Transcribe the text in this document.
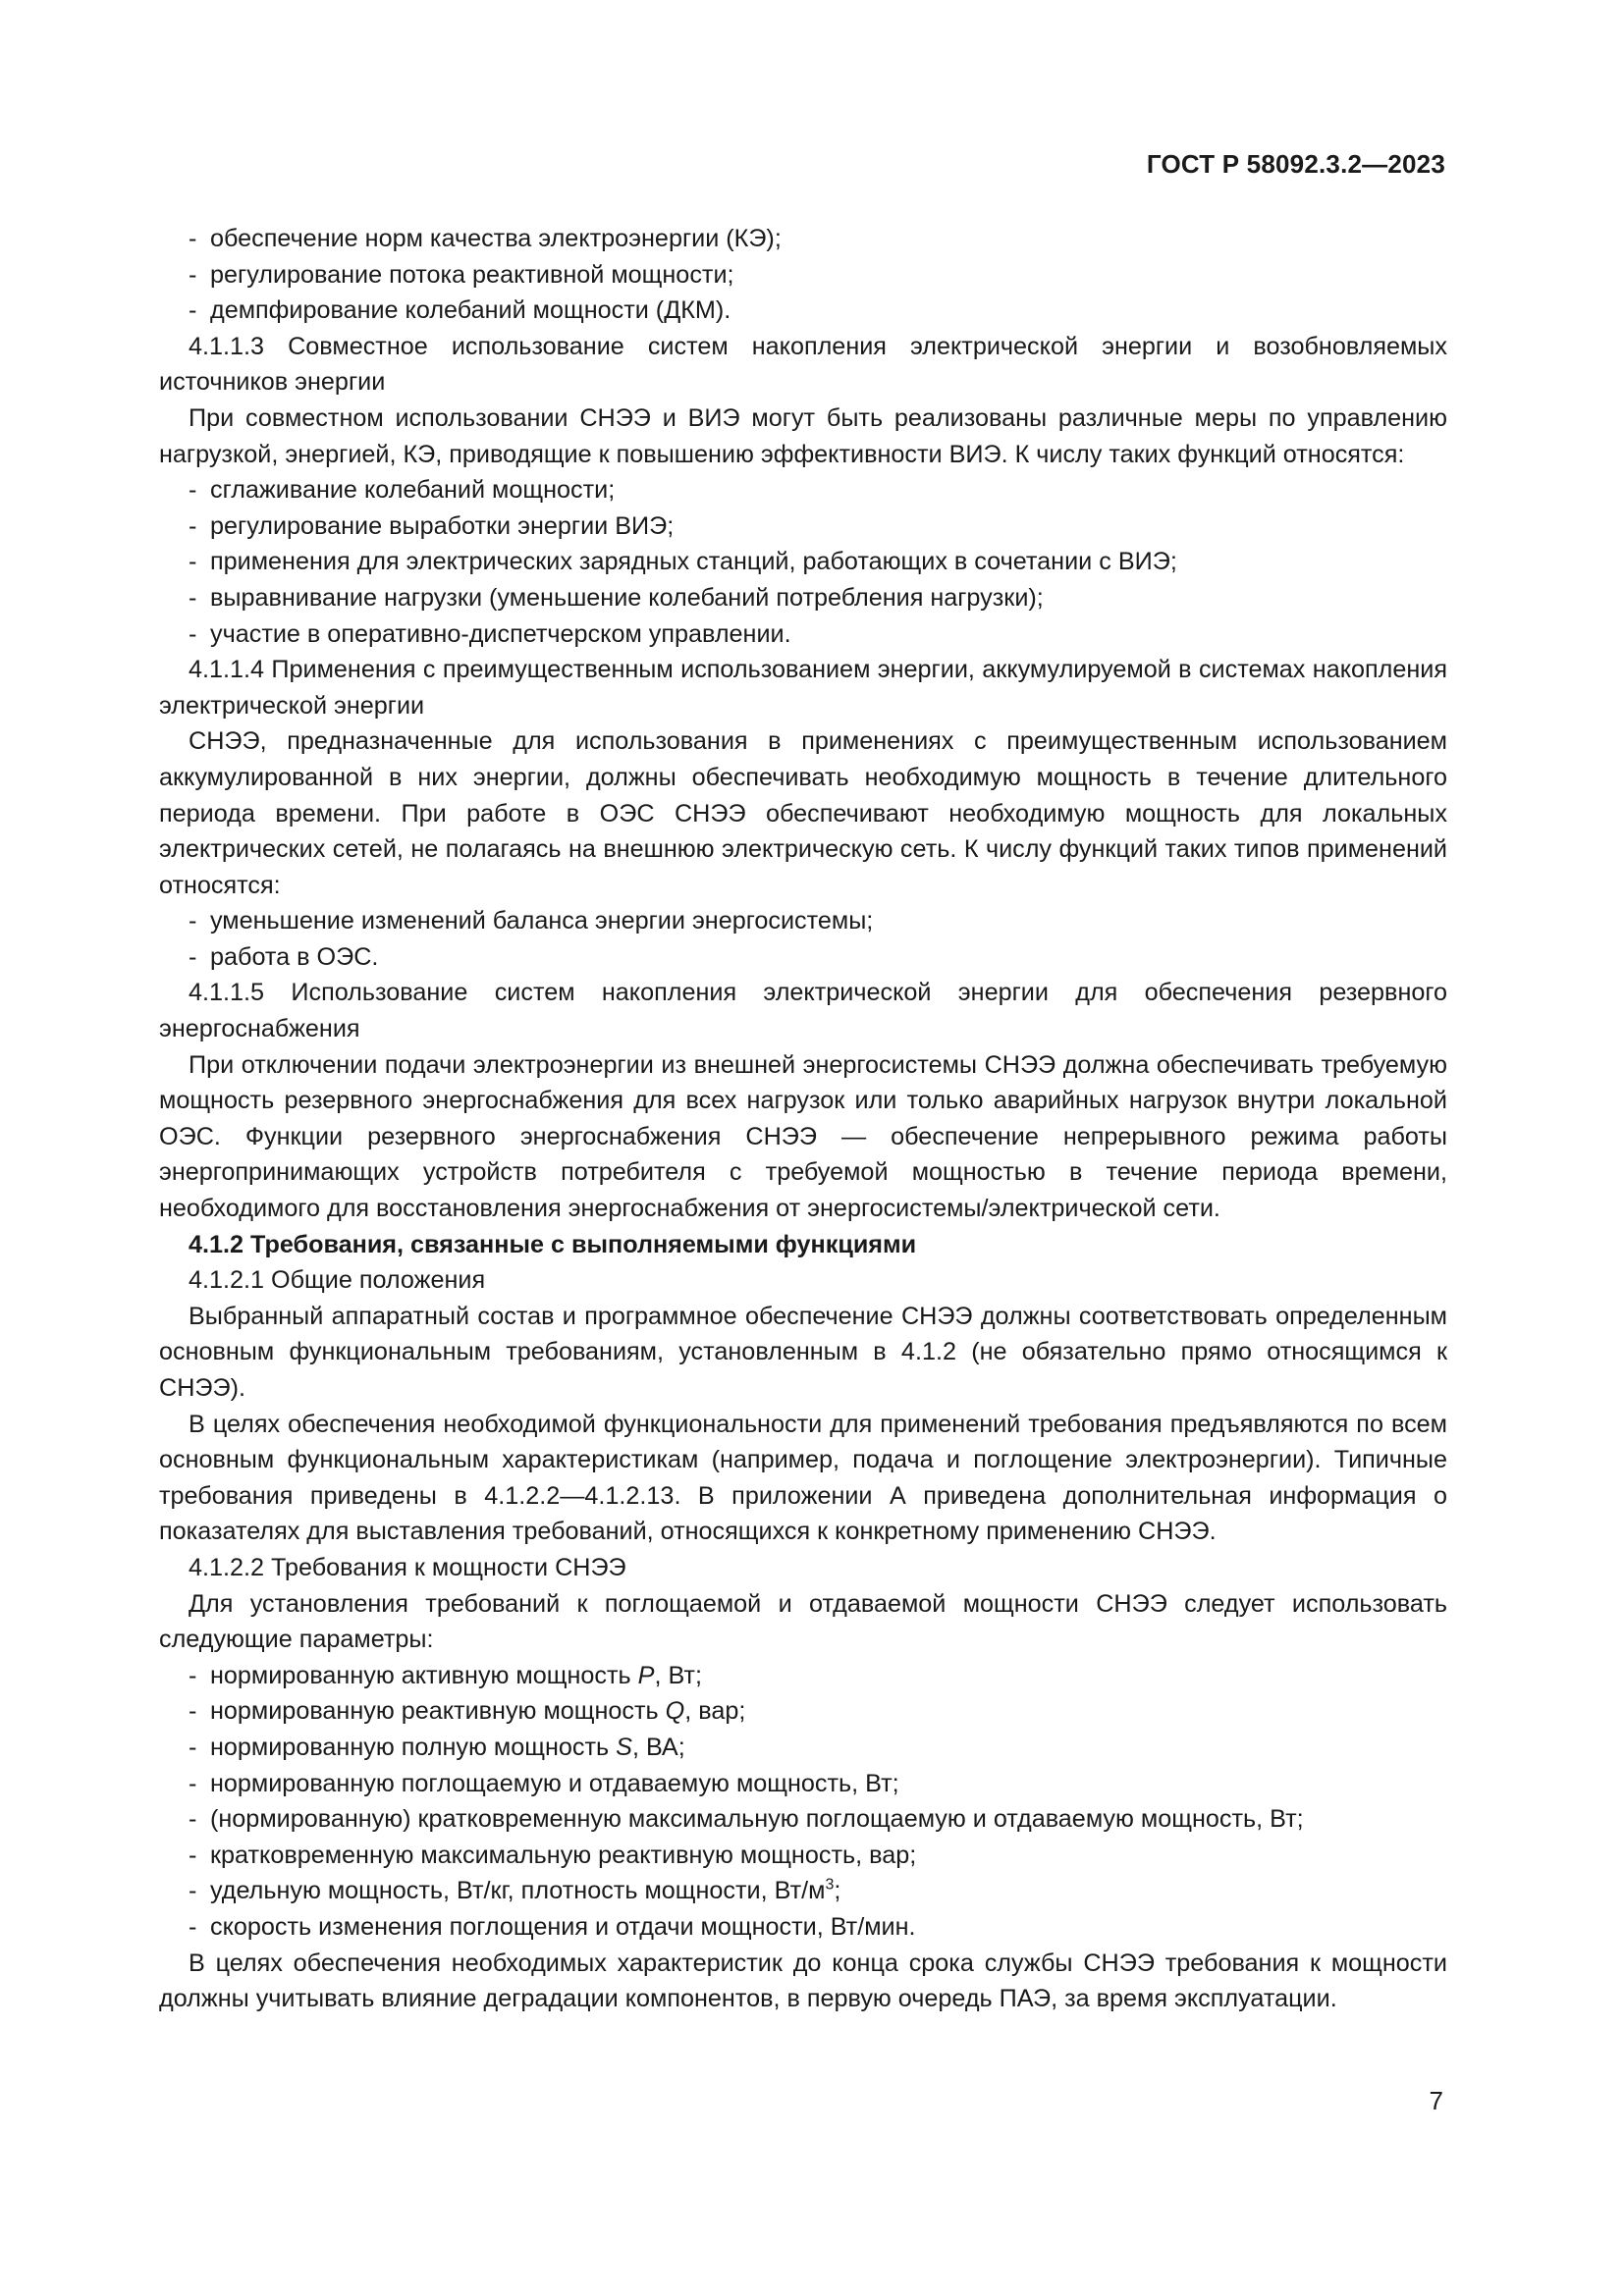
ГОСТ Р 58092.3.2—2023

- обеспечение норм качества электроэнергии (КЭ);

- регулирование потока реактивной мощности;

- демпфирование колебаний мощности (ДКМ).

4.1.1.3 Совместное использование систем накопления электрической энергии и возобновляемых источников энергии

При совместном использовании СНЭЭ и ВИЭ могут быть реализованы различные меры по управлению нагрузкой, энергией, КЭ, приводящие к повышению эффективности ВИЭ. К числу таких функций относятся:

- сглаживание колебаний мощности;

- регулирование выработки энергии ВИЭ;

- применения для электрических зарядных станций, работающих в сочетании с ВИЭ;

- выравнивание нагрузки (уменьшение колебаний потребления нагрузки);

- участие в оперативно-диспетчерском управлении.

4.1.1.4 Применения с преимущественным использованием энергии, аккумулируемой в системах накопления электрической энергии

СНЭЭ, предназначенные для использования в применениях с преимущественным использованием аккумулированной в них энергии, должны обеспечивать необходимую мощность в течение длительного периода времени. При работе в ОЭС СНЭЭ обеспечивают необходимую мощность для локальных электрических сетей, не полагаясь на внешнюю электрическую сеть. К числу функций таких типов применений относятся:

- уменьшение изменений баланса энергии энергосистемы;

- работа в ОЭС.

4.1.1.5 Использование систем накопления электрической энергии для обеспечения резервного энергоснабжения

При отключении подачи электроэнергии из внешней энергосистемы СНЭЭ должна обеспечивать требуемую мощность резервного энергоснабжения для всех нагрузок или только аварийных нагрузок внутри локальной ОЭС. Функции резервного энергоснабжения СНЭЭ — обеспечение непрерывного режима работы энергопринимающих устройств потребителя с требуемой мощностью в течение периода времени, необходимого для восстановления энергоснабжения от энергосистемы/электрической сети.

4.1.2 Требования, связанные с выполняемыми функциями

4.1.2.1 Общие положения

Выбранный аппаратный состав и программное обеспечение СНЭЭ должны соответствовать определенным основным функциональным требованиям, установленным в 4.1.2 (не обязательно прямо относящимся к СНЭЭ).

В целях обеспечения необходимой функциональности для применений требования предъявляются по всем основным функциональным характеристикам (например, подача и поглощение электроэнергии). Типичные требования приведены в 4.1.2.2—4.1.2.13. В приложении А приведена дополнительная информация о показателях для выставления требований, относящихся к конкретному применению СНЭЭ.

4.1.2.2 Требования к мощности СНЭЭ

Для установления требований к поглощаемой и отдаваемой мощности СНЭЭ следует использовать следующие параметры:

- нормированную активную мощность P, Вт;

- нормированную реактивную мощность Q, вар;

- нормированную полную мощность S, ВА;

- нормированную поглощаемую и отдаваемую мощность, Вт;

- (нормированную) кратковременную максимальную поглощаемую и отдаваемую мощность, Вт;

- кратковременную максимальную реактивную мощность, вар;

- удельную мощность, Вт/кг, плотность мощности, $Вт/м^3$;

- скорость изменения поглощения и отдачи мощности, Вт/мин.

В целях обеспечения необходимых характеристик до конца срока службы СНЭЭ требования к мощности должны учитывать влияние деградации компонентов, в первую очередь ПАЭ, за время эксплуатации.

7
